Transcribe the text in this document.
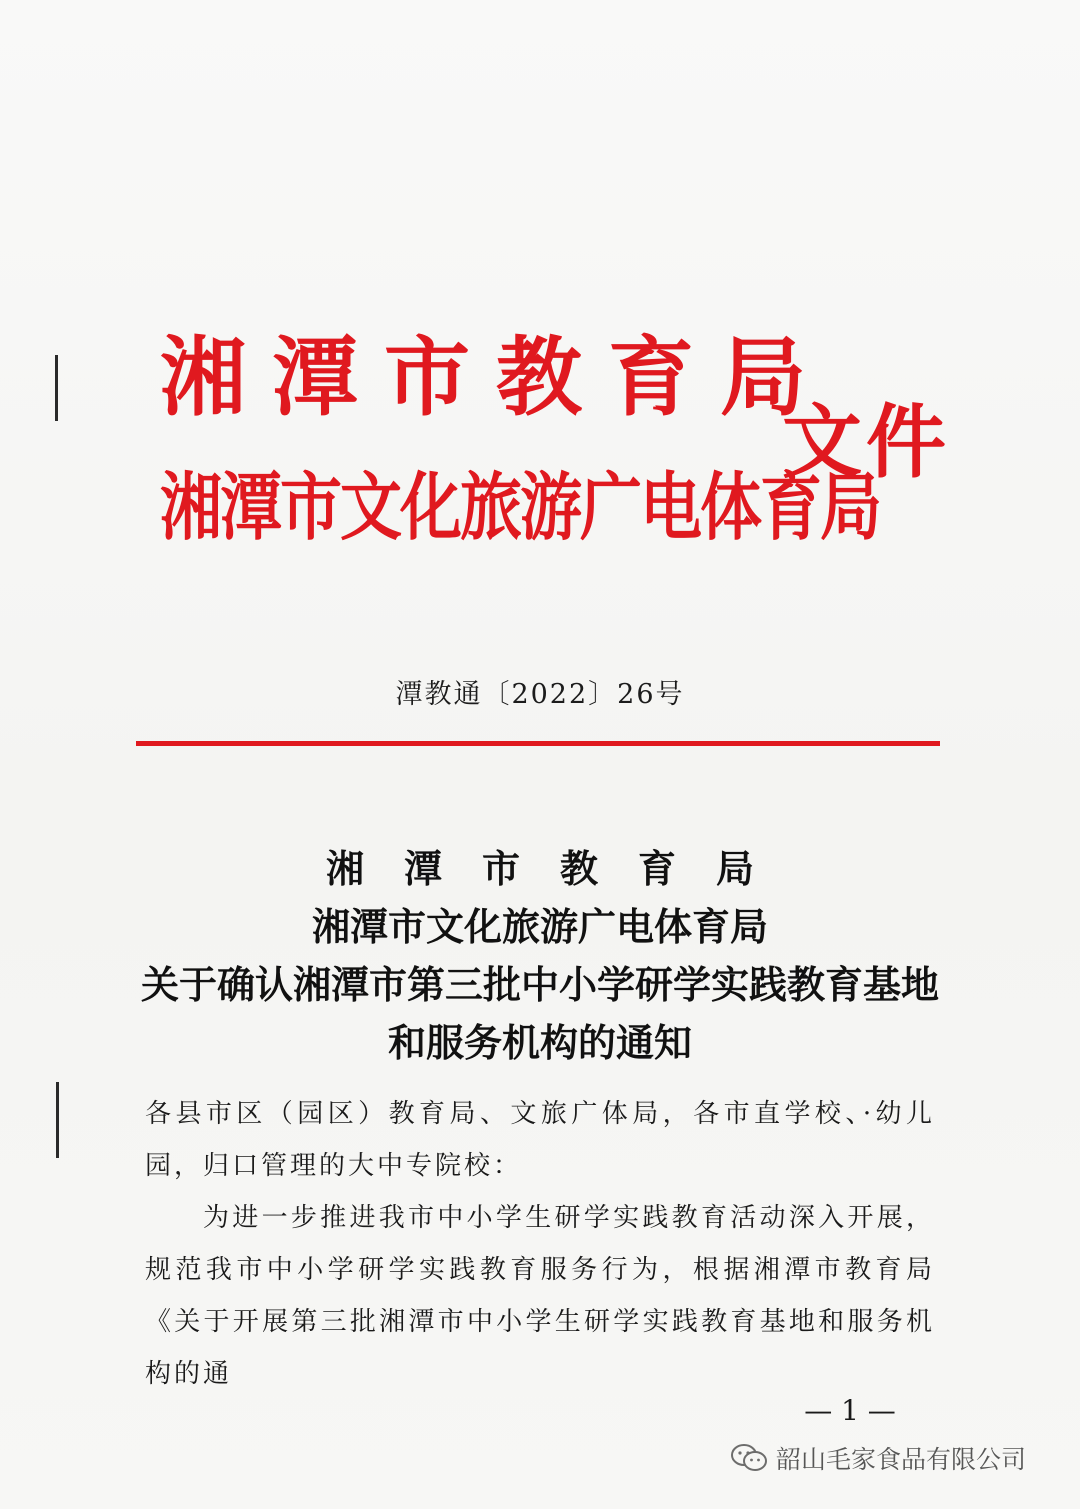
湘潭市教育局
湘潭市文化旅游广电体育局
文件
潭教通〔2022〕26号
湘潭市教育局
湘潭市文化旅游广电体育局
关于确认湘潭市第三批中小学研学实践教育基地
和服务机构的通知

各县市区（园区）教育局、文旅广体局，各市直学校、·幼儿园，归口管理的大中专院校：

为进一步推进我市中小学生研学实践教育活动深入开展，规范我市中小学研学实践教育服务行为，根据湘潭市教育局《关于开展第三批湘潭市中小学生研学实践教育基地和服务机构的通

— 1 —
韶山毛家食品有限公司
